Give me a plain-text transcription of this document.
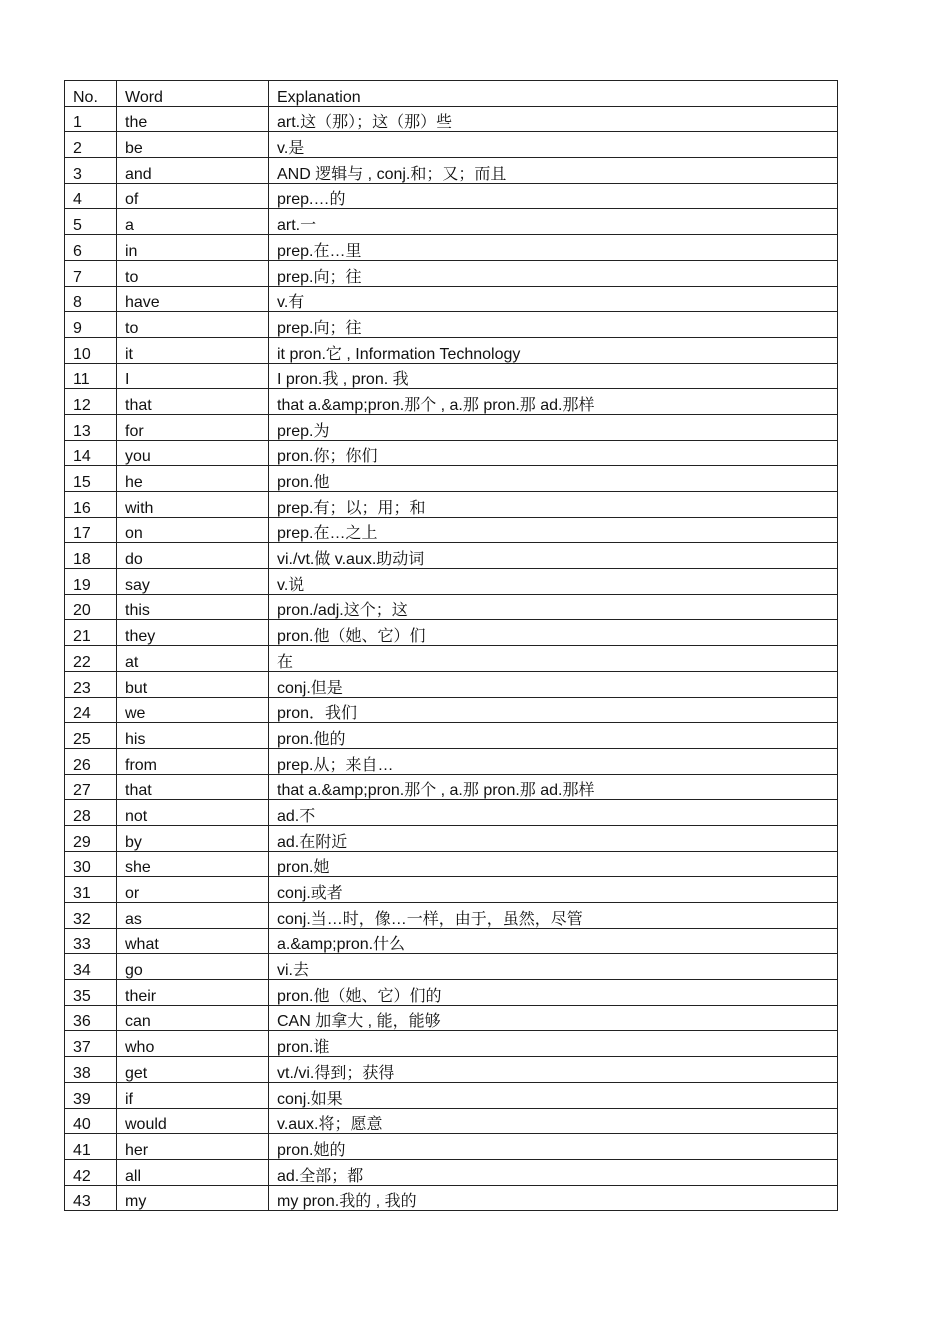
No.	Word	Explanation
1	the	art.这（那）；这（那）些
2	be	v.是
3	and	AND 逻辑与 , conj.和；又；而且
4	of	prep.…的
5	a	art.一
6	in	prep.在…里
7	to	prep.向；往
8	have	v.有
9	to	prep.向；往
10	it	it pron.它 , Information Technology
11	I	I pron.我 , pron. 我
12	that	that a.&amp;pron.那个 , a.那 pron.那 ad.那样
13	for	prep.为
14	you	pron.你；你们
15	he	pron.他
16	with	prep.有；以；用；和
17	on	prep.在…之上
18	do	vi./vt.做 v.aux.助动词
19	say	v.说
20	this	pron./adj.这个；这
21	they	pron.他（她、它）们
22	at	在
23	but	conj.但是
24	we	pron．我们
25	his	pron.他的
26	from	prep.从；来自…
27	that	that a.&amp;pron.那个 , a.那 pron.那 ad.那样
28	not	ad.不
29	by	ad.在附近
30	she	pron.她
31	or	conj.或者
32	as	conj.当…时，像…一样，由于，虽然，尽管
33	what	a.&amp;pron.什么
34	go	vi.去
35	their	pron.他（她、它）们的
36	can	CAN 加拿大 , 能，能够
37	who	pron.谁
38	get	vt./vi.得到；获得
39	if	conj.如果
40	would	v.aux.将；愿意
41	her	pron.她的
42	all	ad.全部；都
43	my	my pron.我的 , 我的
